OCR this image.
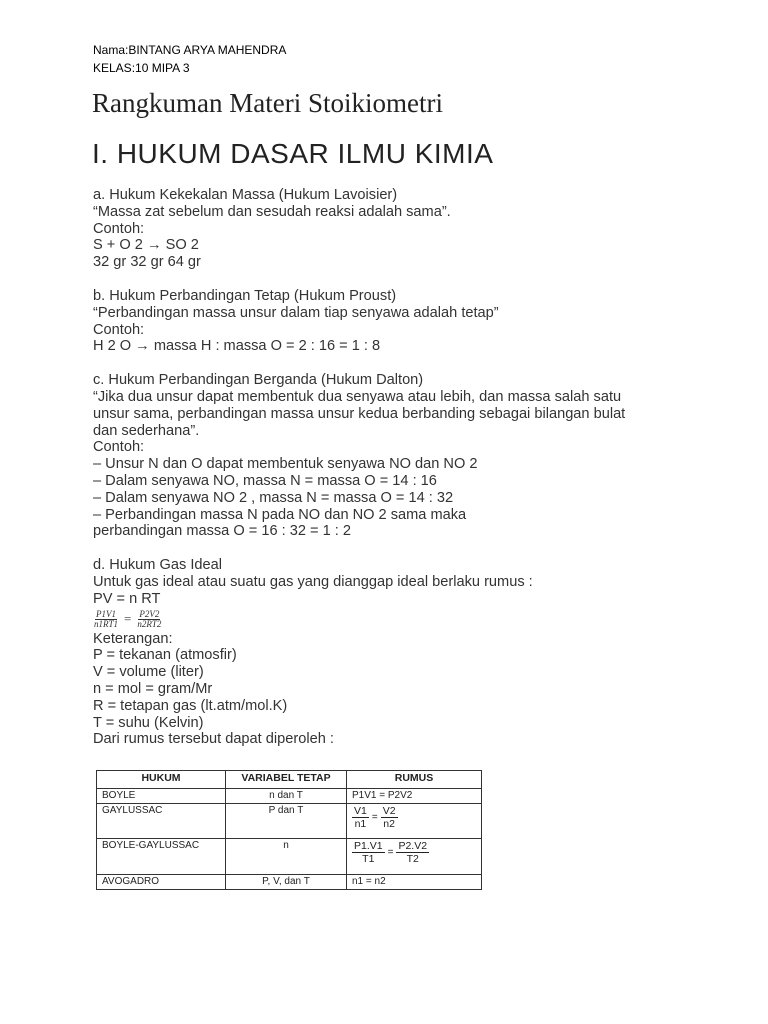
Nama:BINTANG ARYA MAHENDRA
KELAS:10 MIPA 3
Rangkuman Materi Stoikiometri
I. HUKUM DASAR ILMU KIMIA

a. Hukum Kekekalan Massa (Hukum Lavoisier)

“Massa zat sebelum dan sesudah reaksi adalah sama”.

Contoh:

S + O 2 → SO 2

32 gr 32 gr 64 gr

b. Hukum Perbandingan Tetap (Hukum Proust)

“Perbandingan massa unsur dalam tiap senyawa adalah tetap”

Contoh:

H 2 O → massa H : massa O = 2 : 16 = 1 : 8

c. Hukum Perbandingan Berganda (Hukum Dalton)

“Jika dua unsur dapat membentuk dua senyawa atau lebih, dan massa salah satu

unsur sama, perbandingan massa unsur kedua berbanding sebagai bilangan bulat

dan sederhana”.

Contoh:

– Unsur N dan O dapat membentuk senyawa NO dan NO 2

– Dalam senyawa NO, massa N = massa O = 14 : 16

– Dalam senyawa NO 2 , massa N = massa O = 14 : 32

– Perbandingan massa N pada NO dan NO 2 sama maka

perbandingan massa O = 16 : 32 = 1 : 2

d. Hukum Gas Ideal

Untuk gas ideal atau suatu gas yang dianggap ideal berlaku rumus :

PV = n RT

$\frac{P1V1}{n1RT1} = \frac{P2V2}{n2RT2}$

Keterangan:

P = tekanan (atmosfir)

V = volume (liter)

n = mol = gram/Mr

R = tetapan gas (lt.atm/mol.K)

T = suhu (Kelvin)

Dari rumus tersebut dapat diperoleh :

HUKUM	VARIABEL TETAP	RUMUS
BOYLE	n dan T	P1V1 = P2V2
GAYLUSSAC	P dan T	$\frac{V1}{n1} = \frac{V2}{n2}$

BOYLE-GAYLUSSAC	n	$\frac{P1.V1}{T1} = \frac{P2.V2}{T2}$

AVOGADRO	P, V, dan T	n1 = n2
